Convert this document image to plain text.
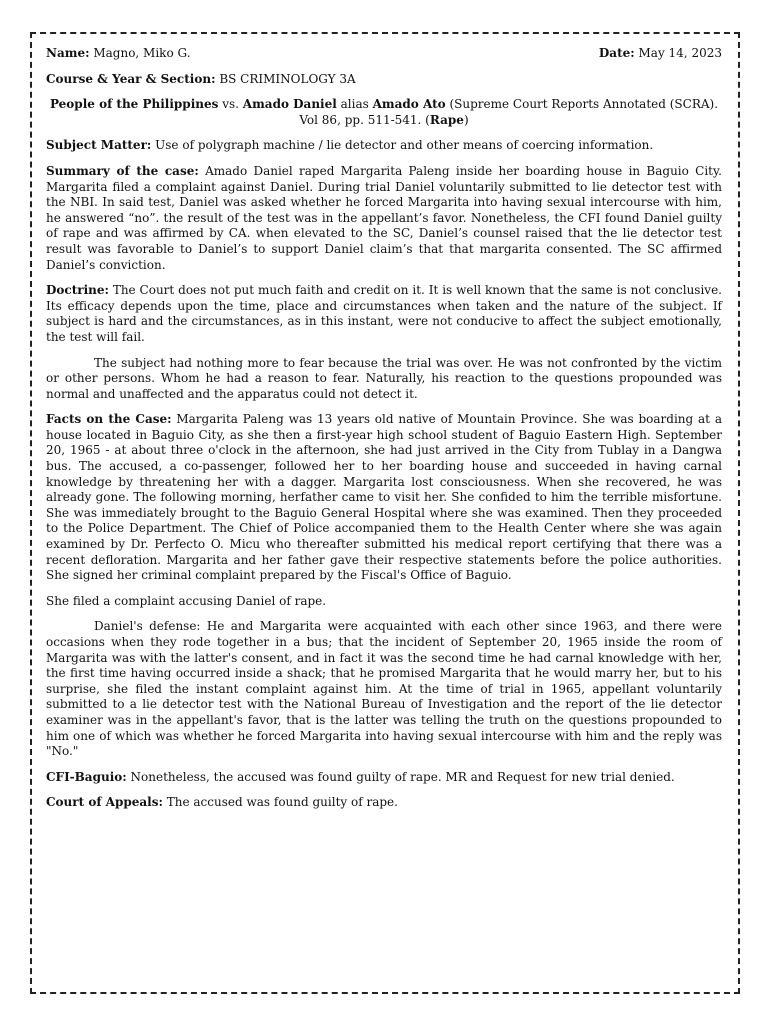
Name: Magno, Miko G.	Date: May 14, 2023

Course & Year & Section: BS CRIMINOLOGY 3A

People of the Philippines vs. Amado Daniel alias Amado Ato (Supreme Court Reports Annotated (SCRA). Vol 86, pp. 511-541. (Rape)

Subject Matter: Use of polygraph machine / lie detector and other means of coercing information.

Summary of the case: Amado Daniel raped Margarita Paleng inside her boarding house in Baguio City. Margarita filed a complaint against Daniel. During trial Daniel voluntarily submitted to lie detector test with the NBI. In said test, Daniel was asked whether he forced Margarita into having sexual intercourse with him, he answered “no”. the result of the test was in the appellant’s favor. Nonetheless, the CFI found Daniel guilty of rape and was affirmed by CA. when elevated to the SC, Daniel’s counsel raised that the lie detector test result was favorable to Daniel’s to support Daniel claim’s that that margarita consented. The SC affirmed Daniel’s conviction.

Doctrine: The Court does not put much faith and credit on it. It is well known that the same is not conclusive. Its efficacy depends upon the time, place and circumstances when taken and the nature of the subject. If subject is hard and the circumstances, as in this instant, were not conducive to affect the subject emotionally, the test will fail.

The subject had nothing more to fear because the trial was over. He was not confronted by the victim or other persons. Whom he had a reason to fear. Naturally, his reaction to the questions propounded was normal and unaffected and the apparatus could not detect it.

Facts on the Case: Margarita Paleng was 13 years old native of Mountain Province. She was boarding at a house located in Baguio City, as she then a first-year high school student of Baguio Eastern High. September 20, 1965 - at about three o'clock in the afternoon, she had just arrived in the City from Tublay in a Dangwa bus. The accused, a co-passenger, followed her to her boarding house and succeeded in having carnal knowledge by threatening her with a dagger. Margarita lost consciousness. When she recovered, he was already gone. The following morning, herfather came to visit her. She confided to him the terrible misfortune. She was immediately brought to the Baguio General Hospital where she was examined. Then they proceeded to the Police Department. The Chief of Police accompanied them to the Health Center where she was again examined by Dr. Perfecto O. Micu who thereafter submitted his medical report certifying that there was a recent defloration. Margarita and her father gave their respective statements before the police authorities. She signed her criminal complaint prepared by the Fiscal's Office of Baguio.

She filed a complaint accusing Daniel of rape.

Daniel's defense: He and Margarita were acquainted with each other since 1963, and there were occasions when they rode together in a bus; that the incident of September 20, 1965 inside the room of Margarita was with the latter's consent, and in fact it was the second time he had carnal knowledge with her, the first time having occurred inside a shack; that he promised Margarita that he would marry her, but to his surprise, she filed the instant complaint against him. At the time of trial in 1965, appellant voluntarily submitted to a lie detector test with the National Bureau of Investigation and the report of the lie detector examiner was in the appellant's favor, that is the latter was telling the truth on the questions propounded to him one of which was whether he forced Margarita into having sexual intercourse with him and the reply was "No."

CFI-Baguio: Nonetheless, the accused was found guilty of rape. MR and Request for new trial denied.

Court of Appeals: The accused was found guilty of rape.
